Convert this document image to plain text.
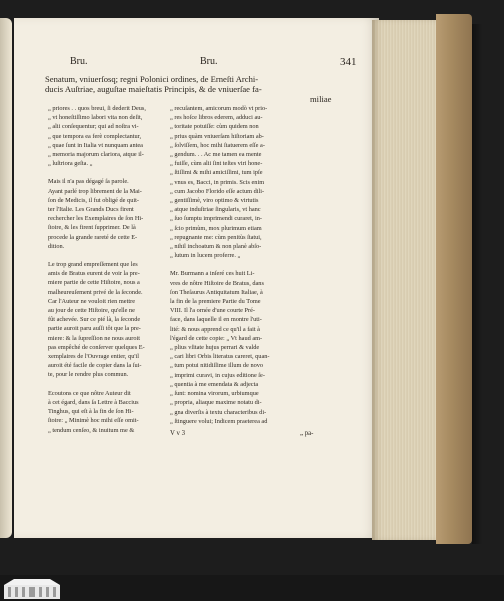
Bru.	Bru.	341
Senatum, vniuerſosq; regni Polonici ordines, de Erneſti Archi-
ducis Auſtriae, auguſtae maieſtatis Principis, & de vniuerſae fa-
miliae
„ priores . . quos breui, ſi dederit Deus,
„ vt honeſtiſſimo labori vita non deſit,
„ alii conſequentur; qui ad noſtra vi-
„ que tempora ea ferè complectantur,
„ quae ſunt in Italia vt nunquam antea
„ memoria majorum clariora, atque il-
„ luſtriora geſta. „
Mais il n'a pas dégagé ſa parole.
Ayant parlé trop librement de la Mai-
ſon de Medicis, il fut obligé de quit-
ter l'Italie. Les Grands Ducs firent
rechercher les Exemplaires de ſon Hi-
ſtoire, & les firent ſupprimer. De là
procede la grande rareté de cette E-
dition.
Le trop grand empreſſement que les
amis de Bratus eurent de voir la pre-
miere partie de cette Hiſtoire, nous a
malheureuſement privé de la ſeconde.
Car l'Auteur ne vouloit rien mettre
au jour de cette Hiſtoire, qu'elle ne
fût achevée. Sur ce pié là, la ſeconde
partie auroit paru auſſi tôt que la pre-
miere: & la ſupreſſion ne nous auroit
pas empêché de conſerver quelques E-
xemplaires de l'Ouvrage entier, qu'il
auroit été facile de copier dans la ſui-
te, pour le rendre plus commun.
Ecoutons ce que nôtre Auteur dit
à cet égard, dans ſa Lettre à Baccius
Tinghus, qui eſt à la fin de ſon Hi-
ſtoire: „ Minimè hoc mihi eſſe omit-
„ tendum cenſeo, & inuitum me &
„ recuſantem, amicorum modò vt prio-
„ res hoſce libros ederem, adduci au-
„ toritate potuiſſe: cùm quidem non
„ prius quàm vniuerſam hiſtoriam ab-
„ ſolviſſem, hoc mihi ſtatuerem eſſe a-
„ gendum. . . Ac me tamen ea mente
„ fuiſſe, cùm alii ſint teſtes viri hone-
„ ſtiſſimi & mihi amiciſſimi, tum ipſe
„ vnus es, Bacci, in primis. Scis enim
„ cum Jacobo Florido eſſe actum dili-
„ gentiſſimè, viro optimo & virtutis
„ atque induſtriae ſingularis, vt hanc
„ ſuo ſumptu imprimendi curaret, in-
„ ſcio primùm, mox plurimum etiam
„ repugnante me: cùm penitùs ſtatui,
„ nihil inchoatum & non planè abſo-
„ lutum in lucem proferre. „
Mr. Burmann a inſeré ces huit Li-
vres de nôtre Hiſtoire de Bratus, dans
ſon Theſaurus Antiquitatum Italiae, à
la fin de la premiere Partie du Tome
VIII. Il l'a ornée d'une courte Pré-
face, dans laquelle il en montre l'uti-
lité: & nous apprend ce qu'il a fait à
l'égard de cette copie: „ Vt haud am-
„ plius vſitate hujus perrari & valde
„ cari libri Orbis literatus careret, quan-
„ tum potui nitidiſſime illum de novo
„ imprimi curavi, in cujus editione ſe-
„ quentia à me emendata & adjecta
„ ſunt: nomina virorum, urbiumque
„ propria, aliaque maxime notatu di-
„ gna diverſis à textu characteribus di-
„ ſtinguere volui; Indicem praeterea ad
V v 3	„ pa-
